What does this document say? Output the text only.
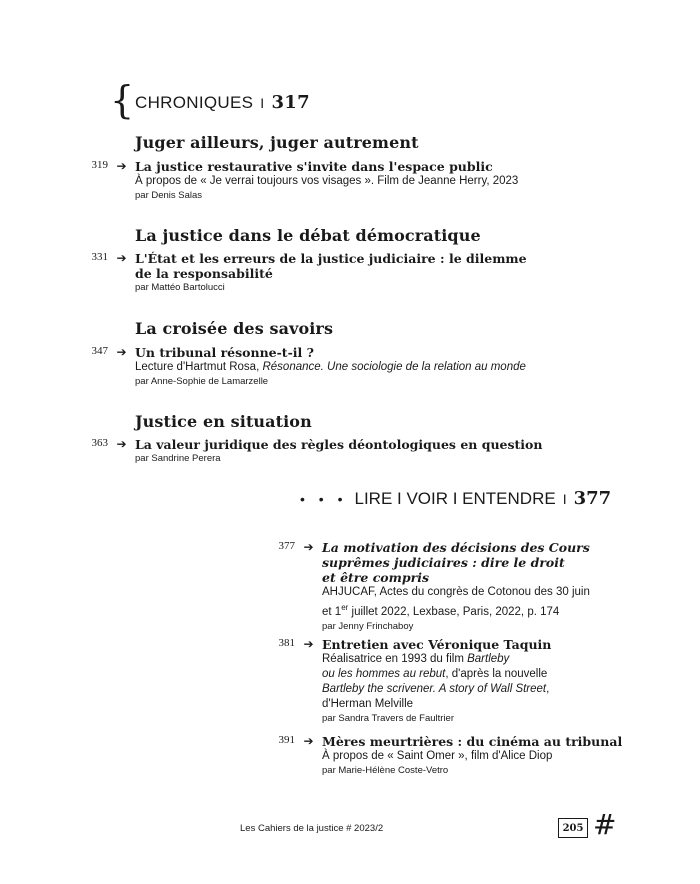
{ CHRONIQUES I 317
Juger ailleurs, juger autrement
319 ➔ La justice restaurative s'invite dans l'espace public
À propos de « Je verrai toujours vos visages ». Film de Jeanne Herry, 2023
par Denis Salas
La justice dans le débat démocratique
331 ➔ L'État et les erreurs de la justice judiciaire : le dilemme
de la responsabilité
par Mattéo Bartolucci
La croisée des savoirs
347 ➔ Un tribunal résonne-t-il ?
Lecture d'Hartmut Rosa, Résonance. Une sociologie de la relation au monde
par Anne-Sophie de Lamarzelle
Justice en situation
363 ➔ La valeur juridique des règles déontologiques en question
par Sandrine Perera
• • • LIRE I VOIR I ENTENDRE I 377
377 ➔ La motivation des décisions des Cours
suprêmes judiciaires : dire le droit
et être compris
AHJUCAF, Actes du congrès de Cotonou des 30 juin
et 1er juillet 2022, Lexbase, Paris, 2022, p. 174
par Jenny Frinchaboy
381 ➔ Entretien avec Véronique Taquin
Réalisatrice en 1993 du film Bartleby
ou les hommes au rebut, d'après la nouvelle
Bartleby the scrivener. A story of Wall Street,
d'Herman Melville
par Sandra Travers de Faultrier
391 ➔ Mères meurtrières : du cinéma au tribunal
À propos de « Saint Omer », film d'Alice Diop
par Marie-Hélène Coste-Vetro
Les Cahiers de la justice # 2023/2	205 #
